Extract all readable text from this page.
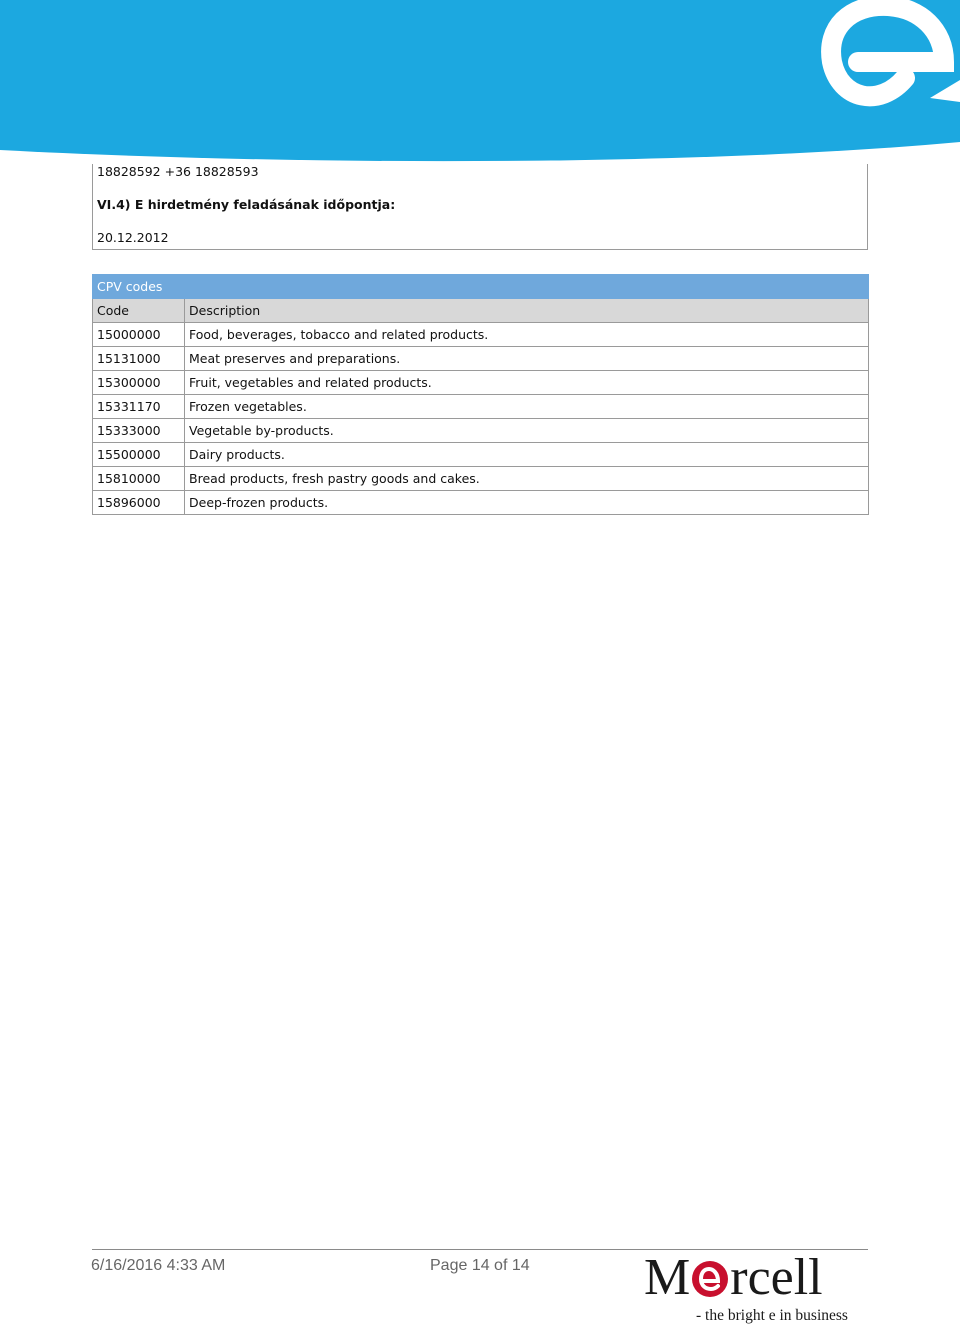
18828592 +36 18828593
VI.4) E hirdetmény feladásának időpontja:
20.12.2012
CPV codes	
Code	Description
15000000	Food, beverages, tobacco and related products.
15131000	Meat preserves and preparations.
15300000	Fruit, vegetables and related products.
15331170	Frozen vegetables.
15333000	Vegetable by-products.
15500000	Dairy products.
15810000	Bread products, fresh pastry goods and cakes.
15896000	Deep-frozen products.
6/16/2016 4:33 AM	Page 14 of 14 M rcell
- the bright e in business
